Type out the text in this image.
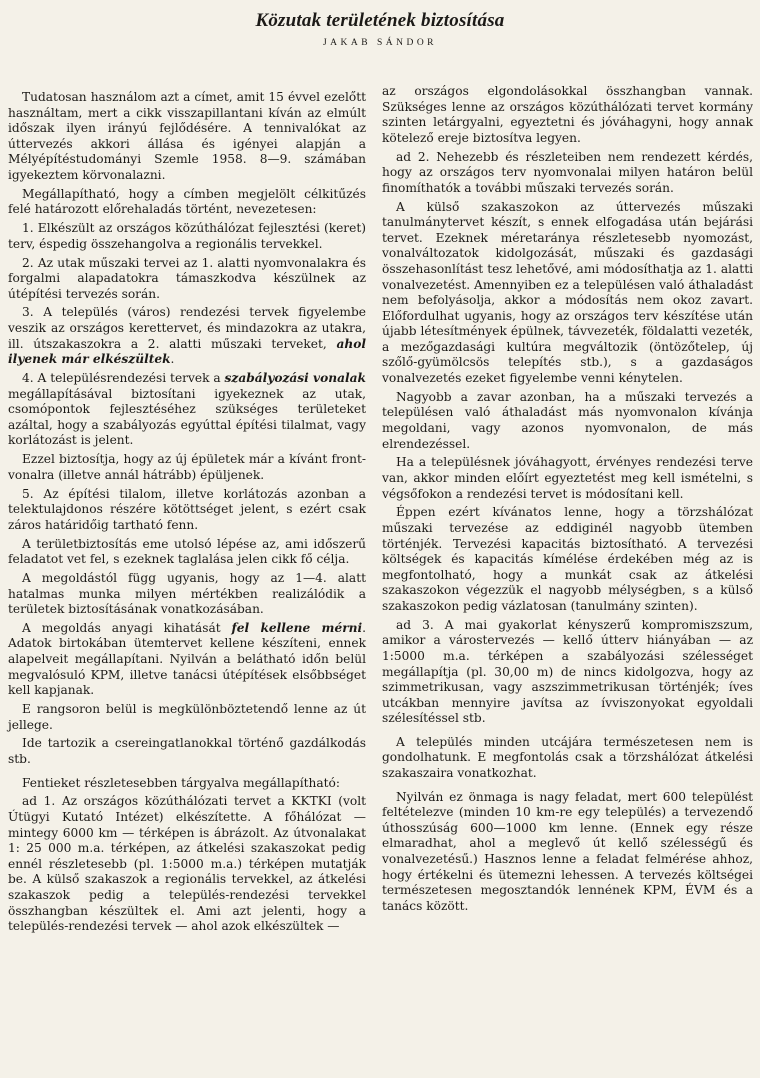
Közutak területének biztosítása
JAKAB SÁNDOR

Tudatosan használom azt a címet, amit 15 évvel ezelőtt használtam, mert a cikk visszapillantani kíván az elmúlt időszak ilyen irányú fejlődésére. A tennivalókat az úttervezés akkori állása és igényei alapján a Mélyépítéstudományi Szemle 1958. 8—9. számában igyekeztem körvonalazni.

Megállapítható, hogy a címben megjelölt célkitűzés felé határozott előrehaladás történt, nevezetesen:

1. Elkészült az országos közúthálózat fejlesztési (keret) terv, éspedig összehangolva a regionális tervekkel.

2. Az utak műszaki tervei az 1. alatti nyomvonalakra és forgalmi alapadatokra támaszkodva készülnek az útépítési tervezés során.

3. A település (város) rendezési tervek figyelembe veszik az országos kerettervet, és mindazokra az utakra, ill. útszakaszokra a 2. alatti műszaki terveket, ahol ilyenek már elkészültek.

4. A településrendezési tervek a szabályozási vonalak megállapításával biztosítani igyekeznek az utak, csomópontok fejlesztéséhez szükséges területeket azáltal, hogy a szabályozás egyúttal építési tilalmat, vagy korlátozást is jelent.

Ezzel biztosítja, hogy az új épületek már a kívánt front-vonalra (illetve annál hátrább) épüljenek.

5. Az építési tilalom, illetve korlátozás azonban a telektulajdonos részére kötöttséget jelent, s ezért csak záros határidőig tartható fenn.

A területbiztosítás eme utolsó lépése az, ami időszerű feladatot vet fel, s ezeknek taglalása jelen cikk fő célja.

A megoldástól függ ugyanis, hogy az 1—4. alatt hatalmas munka milyen mértékben realizálódik a területek biztosításának vonatkozásában.

A megoldás anyagi kihatását fel kellene mérni. Adatok birtokában ütemtervet kellene készíteni, ennek alapelveit megállapítani. Nyilván a belátható időn belül megvalósuló KPM, illetve tanácsi útépítések elsőbbséget kell kapjanak.

E rangsoron belül is megkülönböztetendő lenne az út jellege.

Ide tartozik a csereingatlanokkal történő gazdálkodás stb.

Fentieket részletesebben tárgyalva megállapítható:

ad 1. Az országos közúthálózati tervet a KKTKI (volt Útügyi Kutató Intézet) elkészítette. A főhálózat — mintegy 6000 km — térképen is ábrázolt. Az útvonalakat 1: 25 000 m.a. térképen, az átkelési szakaszokat pedig ennél részletesebb (pl. 1:5000 m.a.) térképen mutatják be. A külső szakaszok a regionális tervekkel, az átkelési szakaszok pedig a település-rendezési tervekkel összhangban készültek el. Ami azt jelenti, hogy a település-rendezési tervek — ahol azok elkészültek —

az országos elgondolásokkal összhangban vannak. Szükséges lenne az országos közúthálózati tervet kormány szinten letárgyalni, egyeztetni és jóváhagyni, hogy annak kötelező ereje biztosítva legyen.

ad 2. Nehezebb és részleteiben nem rendezett kérdés, hogy az országos terv nyomvonalai milyen határon belül finomíthatók a további műszaki tervezés során.

A külső szakaszokon az úttervezés műszaki tanulmánytervet készít, s ennek elfogadása után bejárási tervet. Ezeknek méretaránya részletesebb nyomozást, vonalváltozatok kidolgozását, műszaki és gazdasági összehasonlítást tesz lehetővé, ami módosíthatja az 1. alatti vonalvezetést. Amennyiben ez a településen való áthaladást nem befolyásolja, akkor a módosítás nem okoz zavart. Előfordulhat ugyanis, hogy az országos terv készítése után újabb létesítmények épülnek, távvezeték, földalatti vezeték, a mezőgazdasági kultúra megváltozik (öntözőtelep, új szőlő-gyümölcsös telepítés stb.), s a gazdaságos vonalvezetés ezeket figyelembe venni kénytelen.

Nagyobb a zavar azonban, ha a műszaki tervezés a településen való áthaladást más nyomvonalon kívánja megoldani, vagy azonos nyomvonalon, de más elrendezéssel.

Ha a településnek jóváhagyott, érvényes rendezési terve van, akkor minden előírt egyeztetést meg kell ismételni, s végsőfokon a rendezési tervet is módosítani kell.

Éppen ezért kívánatos lenne, hogy a törzshálózat műszaki tervezése az eddiginél nagyobb ütemben történjék. Tervezési kapacitás biztosítható. A tervezési költségek és kapacitás kímélése érdekében még az is megfontolható, hogy a munkát csak az átkelési szakaszokon végezzük el nagyobb mélységben, s a külső szakaszokon pedig vázlatosan (tanulmány szinten).

ad 3. A mai gyakorlat kényszerű kompromiszszum, amikor a várostervezés — kellő útterv hiányában — az 1:5000 m.a. térképen a szabályozási szélességet megállapítja (pl. 30,00 m) de nincs kidolgozva, hogy az szimmetrikusan, vagy aszszimmetrikusan történjék; íves utcákban mennyire javítsa az ívviszonyokat egyoldali szélesítéssel stb.

A település minden utcájára természetesen nem is gondolhatunk. E megfontolás csak a törzshálózat átkelési szakaszaira vonatkozhat.

Nyilván ez önmaga is nagy feladat, mert 600 települést feltételezve (minden 10 km-re egy település) a tervezendő úthosszúság 600—1000 km lenne. (Ennek egy része elmaradhat, ahol a meglevő út kellő szélességű és vonalvezetésű.) Hasznos lenne a feladat felmérése ahhoz, hogy értékelni és ütemezni lehessen. A tervezés költségei természetesen megosztandók lennének KPM, ÉVM és a tanács között.
